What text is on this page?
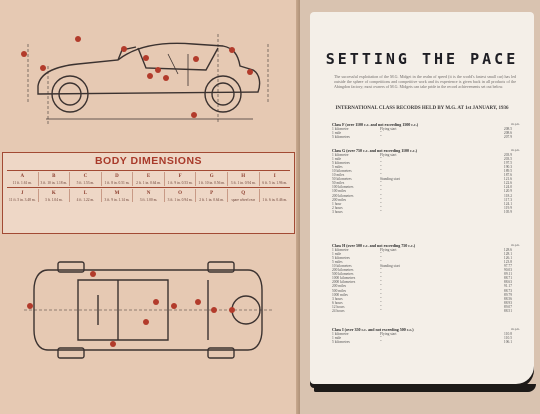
BODY DIMENSIONS
A	B	C	D	E	F	G	H	I
11 ft. 1.61 m.	3 ft. 10 in. 1.18 m.	5 ft. 1.53 m.	1 ft. 8 in. 0.51 m.	2 ft. 1 in. 0.64 m.	1 ft. 9 in. 0.53 m.	1 ft. 10 in. 0.56 m.	3 ft. 1 in. 0.94 m.	6 ft. 5 in. 1.96 m.
J	K	L	M	N	O	P	Q
11 ft. 5 in. 3.48 m.	3 ft. 1.04 m.	4 ft. 1.22 m.	3 ft. 9 in. 1.14 m.	3 ft. 1.00 m.	3 ft. 1 in. 0.94 m.	2 ft. 1 in. 0.64 m.	spare wheel rear	1 ft. 6 in. 0.46 m.
SETTING THE PACE
The successful exploitation of the M.G. Midget in the realm of speed (it is the world's fastest small car) has led outside the sphere of competitions and competitive work and its experience is given back in all products of the Abingdon factory; most owners of M.G. Midgets can take pride in the record achievements set out below.
INTERNATIONAL CLASS RECORDS HELD BY M.G. AT 1st JANUARY, 1936
Class F (over 1100 c.c. and not exceeding 1500 c.c.)	m.p.h.
1 kilometre	Flying start	208.5
1 mile	"	208.6
5 kilometres	"	207.9
Class G (over 750 c.c. and not exceeding 1100 c.c.)	m.p.h.
1 kilometre	Flying start	203.9
1 mile	"	203.5
5 kilometres	"	197.5
5 miles	"	190.3
10 kilometres	"	189.5
10 miles	"	187.6
50 kilometres	Standing start	121.6
50 miles	"	122.6
100 kilometres	"	124.0
100 miles	"	120.9
200 kilometres	"	118.2
200 miles	"	117.3
1 hour	"	124.1
2 hours	"	119.9
3 hours	"	105.9
Class H (over 500 c.c. and not exceeding 750 c.c.)	m.p.h.
1 kilometre	Flying start	128.6
1 mile	"	128.1
5 kilometres	"	126.1
5 miles	"	123.8
10 kilometres	Standing start	97.77
200 kilometres	"	90.03
500 kilometres	"	89.11
1000 kilometres	"	88.71
2000 kilometres	"	88.63
200 miles	"	91.17
500 miles	"	88.73
1000 miles	"	89.79
3 hours	"	88.56
6 hours	"	88.93
12 hours	"	89.07
24 hours	"	88.51
Class I (over 350 c.c. and not exceeding 500 c.c.)	m.p.h.
1 kilometre	Flying start	110.8
1 mile	"	110.5
5 kilometres	"	106.1
